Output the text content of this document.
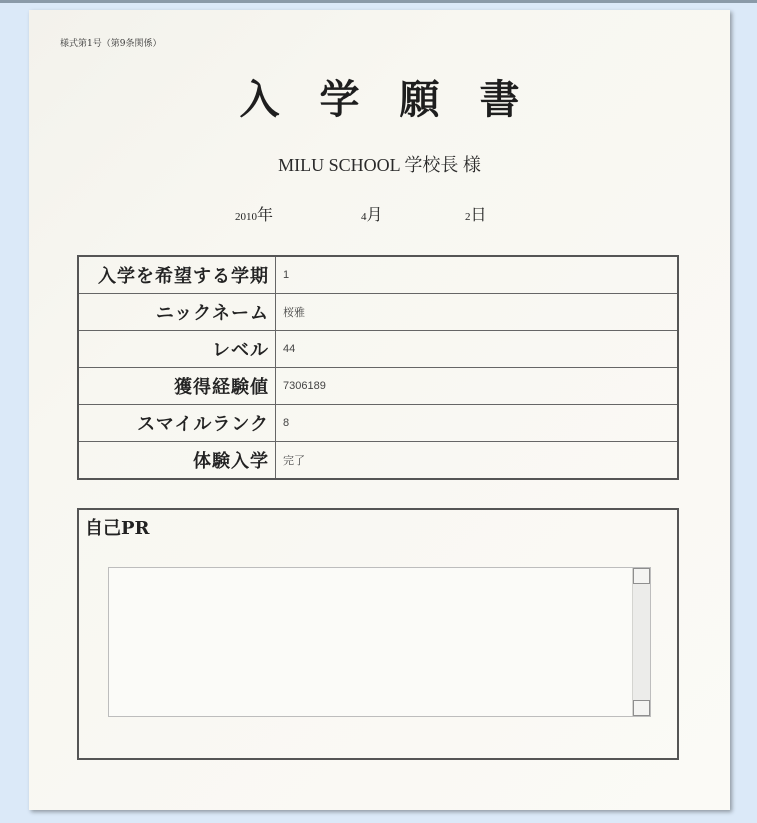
様式第1号（第9条関係）
入学願書
MILU SCHOOL 学校長 様
2010年	4月	2日
入学を希望する学期	1
ニックネーム	桜雅
レベル	44
獲得経験値	7306189
スマイルランク	8
体験入学	完了
自己PR
